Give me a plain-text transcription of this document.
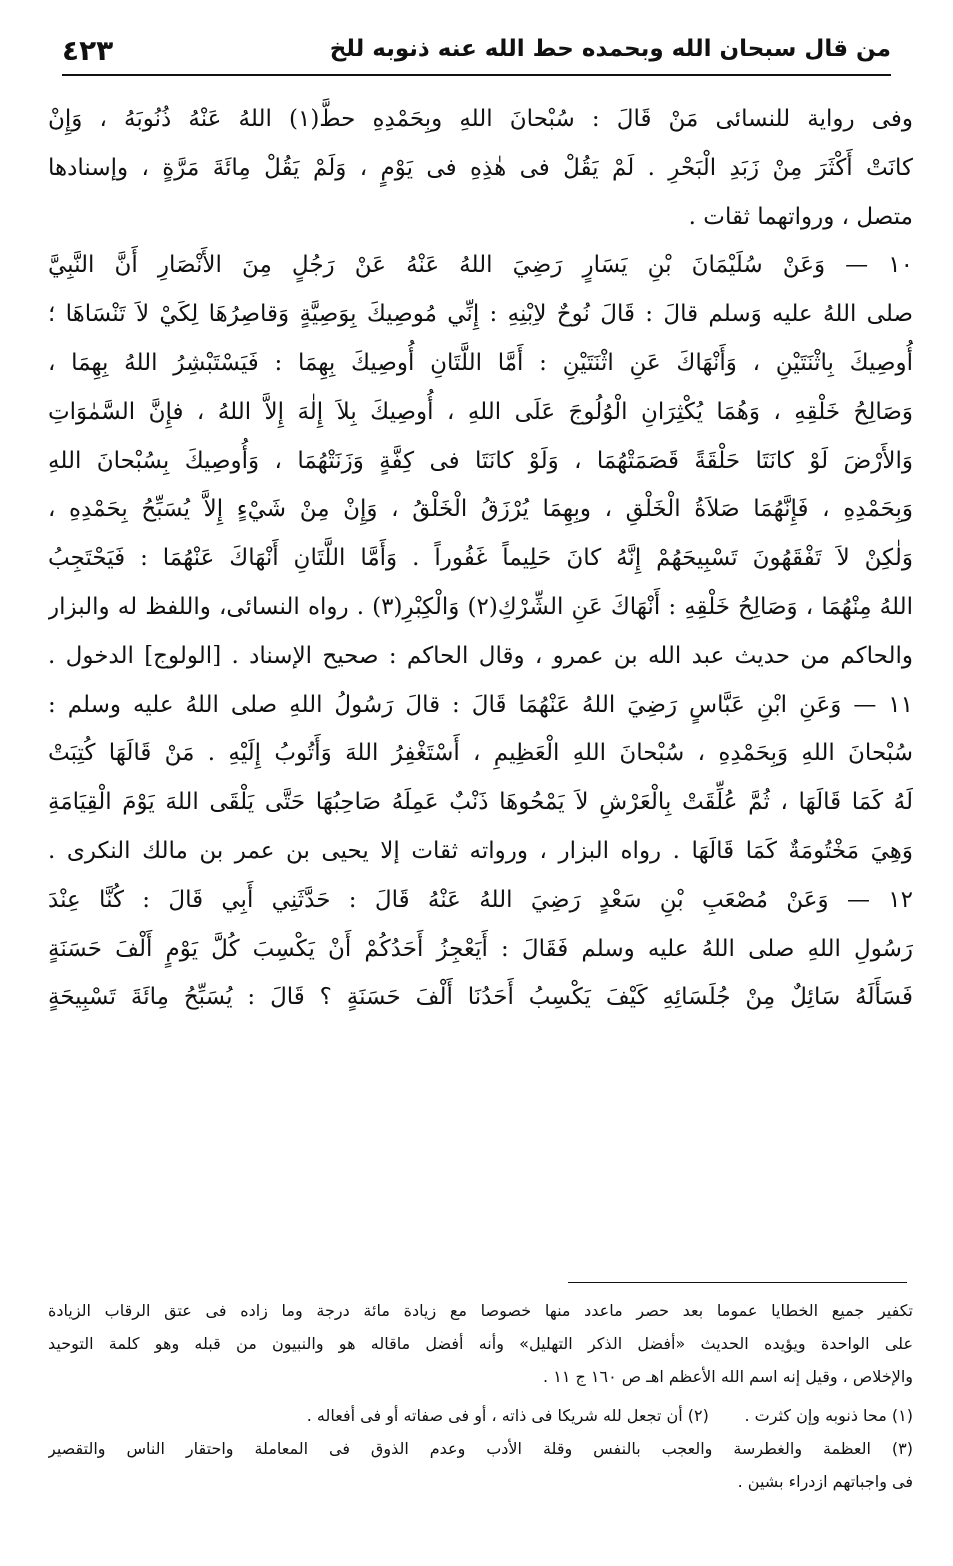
من قال سبحان الله وبحمده حط الله عنه ذنوبه للخ
٤٢٣
وفى رواية للنسائى مَنْ قَالَ : سُبْحانَ اللهِ وبِحَمْدِهِ حطَّ(١) اللهُ عَنْهُ ذُنُوبَهُ ، وَإِنْ
كانَتْ أَكْثَرَ مِنْ زَبَدِ الْبَحْرِ . لَمْ يَقُلْ فى هٰذِهِ فى يَوْمٍ ، وَلَمْ يَقُلْ مِائَةَ مَرَّةٍ ، وإسنادها
متصل ، ورواتهما ثقات .
١٠ — وَعَنْ سُلَيْمَانَ بْنِ يَسَارٍ رَضِيَ اللهُ عَنْهُ عَنْ رَجُلٍ مِنَ الأَنْصَارِ أَنَّ النَّبِيَّ
صلى اللهُ عليه وَسلم قالَ : قَالَ نُوحٌ لاِبْنِهِ : إِنِّي مُوصِيكَ بِوَصِيَّةٍ وَقاصِرُهَا لِكَيْ لاَ تَنْسَاهَا ؛
أُوصِيكَ بِاثْنَتَيْنِ ، وَأَنْهَاكَ عَنِ اثْنَتَيْنِ : أَمَّا اللَّتَانِ أُوصِيكَ بِهِمَا : فَيَسْتَبْشِرُ اللهُ بِهِمَا ،
وَصَالِحُ خَلْقِهِ ، وَهُمَا يُكْثِرَانِ الْوُلُوجَ عَلَى اللهِ ، أُوصِيكَ بِلاَ إِلٰهَ إِلاَّ اللهُ ، فإِنَّ السَّمٰوَاتِ
وَالأَرْضَ لَوْ كانَتَا حَلْقَةً قَصَمَتْهُمَا ، وَلَوْ كانَتَا فى كِفَّةٍ وَزَنَتْهُمَا ، وَأُوصِيكَ بِسُبْحانَ اللهِ
وَبِحَمْدِهِ ، فَإِنَّهُمَا صَلاَةُ الْخَلْقِ ، وبِهِمَا يُرْزَقُ الْخَلْقُ ، وَإِنْ مِنْ شَيْءٍ إِلاَّ يُسَبِّحُ بِحَمْدِهِ ،
وَلٰكِنْ لاَ تَفْقَهُونَ تَسْبِيحَهُمْ إِنَّهُ كانَ حَلِيماً غَفُوراً . وَأَمَّا اللَّتَانِ أَنْهَاكَ عَنْهُمَا : فَيَحْتَجِبُ
اللهُ مِنْهُمَا ، وَصَالِحُ خَلْقِهِ : أَنْهَاكَ عَنِ الشِّرْكِ(٢) وَالْكِبْرِ(٣) . رواه النسائى، واللفظ له والبزار
والحاكم من حديث عبد الله بن عمرو ، وقال الحاكم : صحيح الإسناد . [الولوج] الدخول .
١١ — وَعَنِ ابْنِ عَبَّاسٍ رَضِيَ اللهُ عَنْهُمَا قَالَ : قالَ رَسُولُ اللهِ صلى اللهُ عليه وسلم :
سُبْحانَ اللهِ وَبِحَمْدِهِ ، سُبْحانَ اللهِ الْعَظِيمِ ، أَسْتَغْفِرُ اللهَ وَأَتُوبُ إِلَيْهِ . مَنْ قَالَهَا كُتِبَتْ
لَهُ كَمَا قَالَهَا ، ثُمَّ عُلِّقَتْ بِالْعَرْشِ لاَ يَمْحُوهَا ذَنْبٌ عَمِلَهُ صَاحِبُهَا حَتَّى يَلْقَى اللهَ يَوْمَ الْقِيَامَةِ
وَهِيَ مَخْتُومَةٌ كَمَا قَالَهَا . رواه البزار ، ورواته ثقات إلا يحيى بن عمر بن مالك النكرى .
١٢ — وَعَنْ مُصْعَبِ بْنِ سَعْدٍ رَضِيَ اللهُ عَنْهُ قَالَ : حَدَّثَنِي أَبِي قَالَ : كُنَّا عِنْدَ
رَسُولِ اللهِ صلى اللهُ عليه وسلم فَقَالَ : أَيَعْجِزُ أَحَدُكُمْ أَنْ يَكْسِبَ كُلَّ يَوْمٍ أَلْفَ حَسَنَةٍ
فَسَأَلَهُ سَائِلٌ مِنْ جُلَسَائِهِ كَيْفَ يَكْسِبُ أَحَدُنَا أَلْفَ حَسَنَةٍ ؟ قَالَ : يُسَبِّحُ مِائَةَ تَسْبِيحَةٍ
تكفير جميع الخطايا عموما بعد حصر ماعدد منها خصوصا مع زيادة مائة درجة وما زاده فى عتق الرقاب الزيادة
على الواحدة ويؤيده الحديث «أفضل الذكر التهليل» وأنه أفضل ماقاله هو والنبيون من قبله وهو كلمة التوحيد
والإخلاص ، وقيل إنه اسم الله الأعظم اهـ ص ١٦٠ ج ١١ .
(١) محا ذنوبه وإن كثرت .       (٢) أن تجعل لله شريكا فى ذاته ، أو فى صفاته أو فى أفعاله .
(٣) العظمة والغطرسة والعجب بالنفس وقلة الأدب وعدم الذوق فى المعاملة واحتقار الناس والتقصير
فى واجباتهم ازدراء بشين .
